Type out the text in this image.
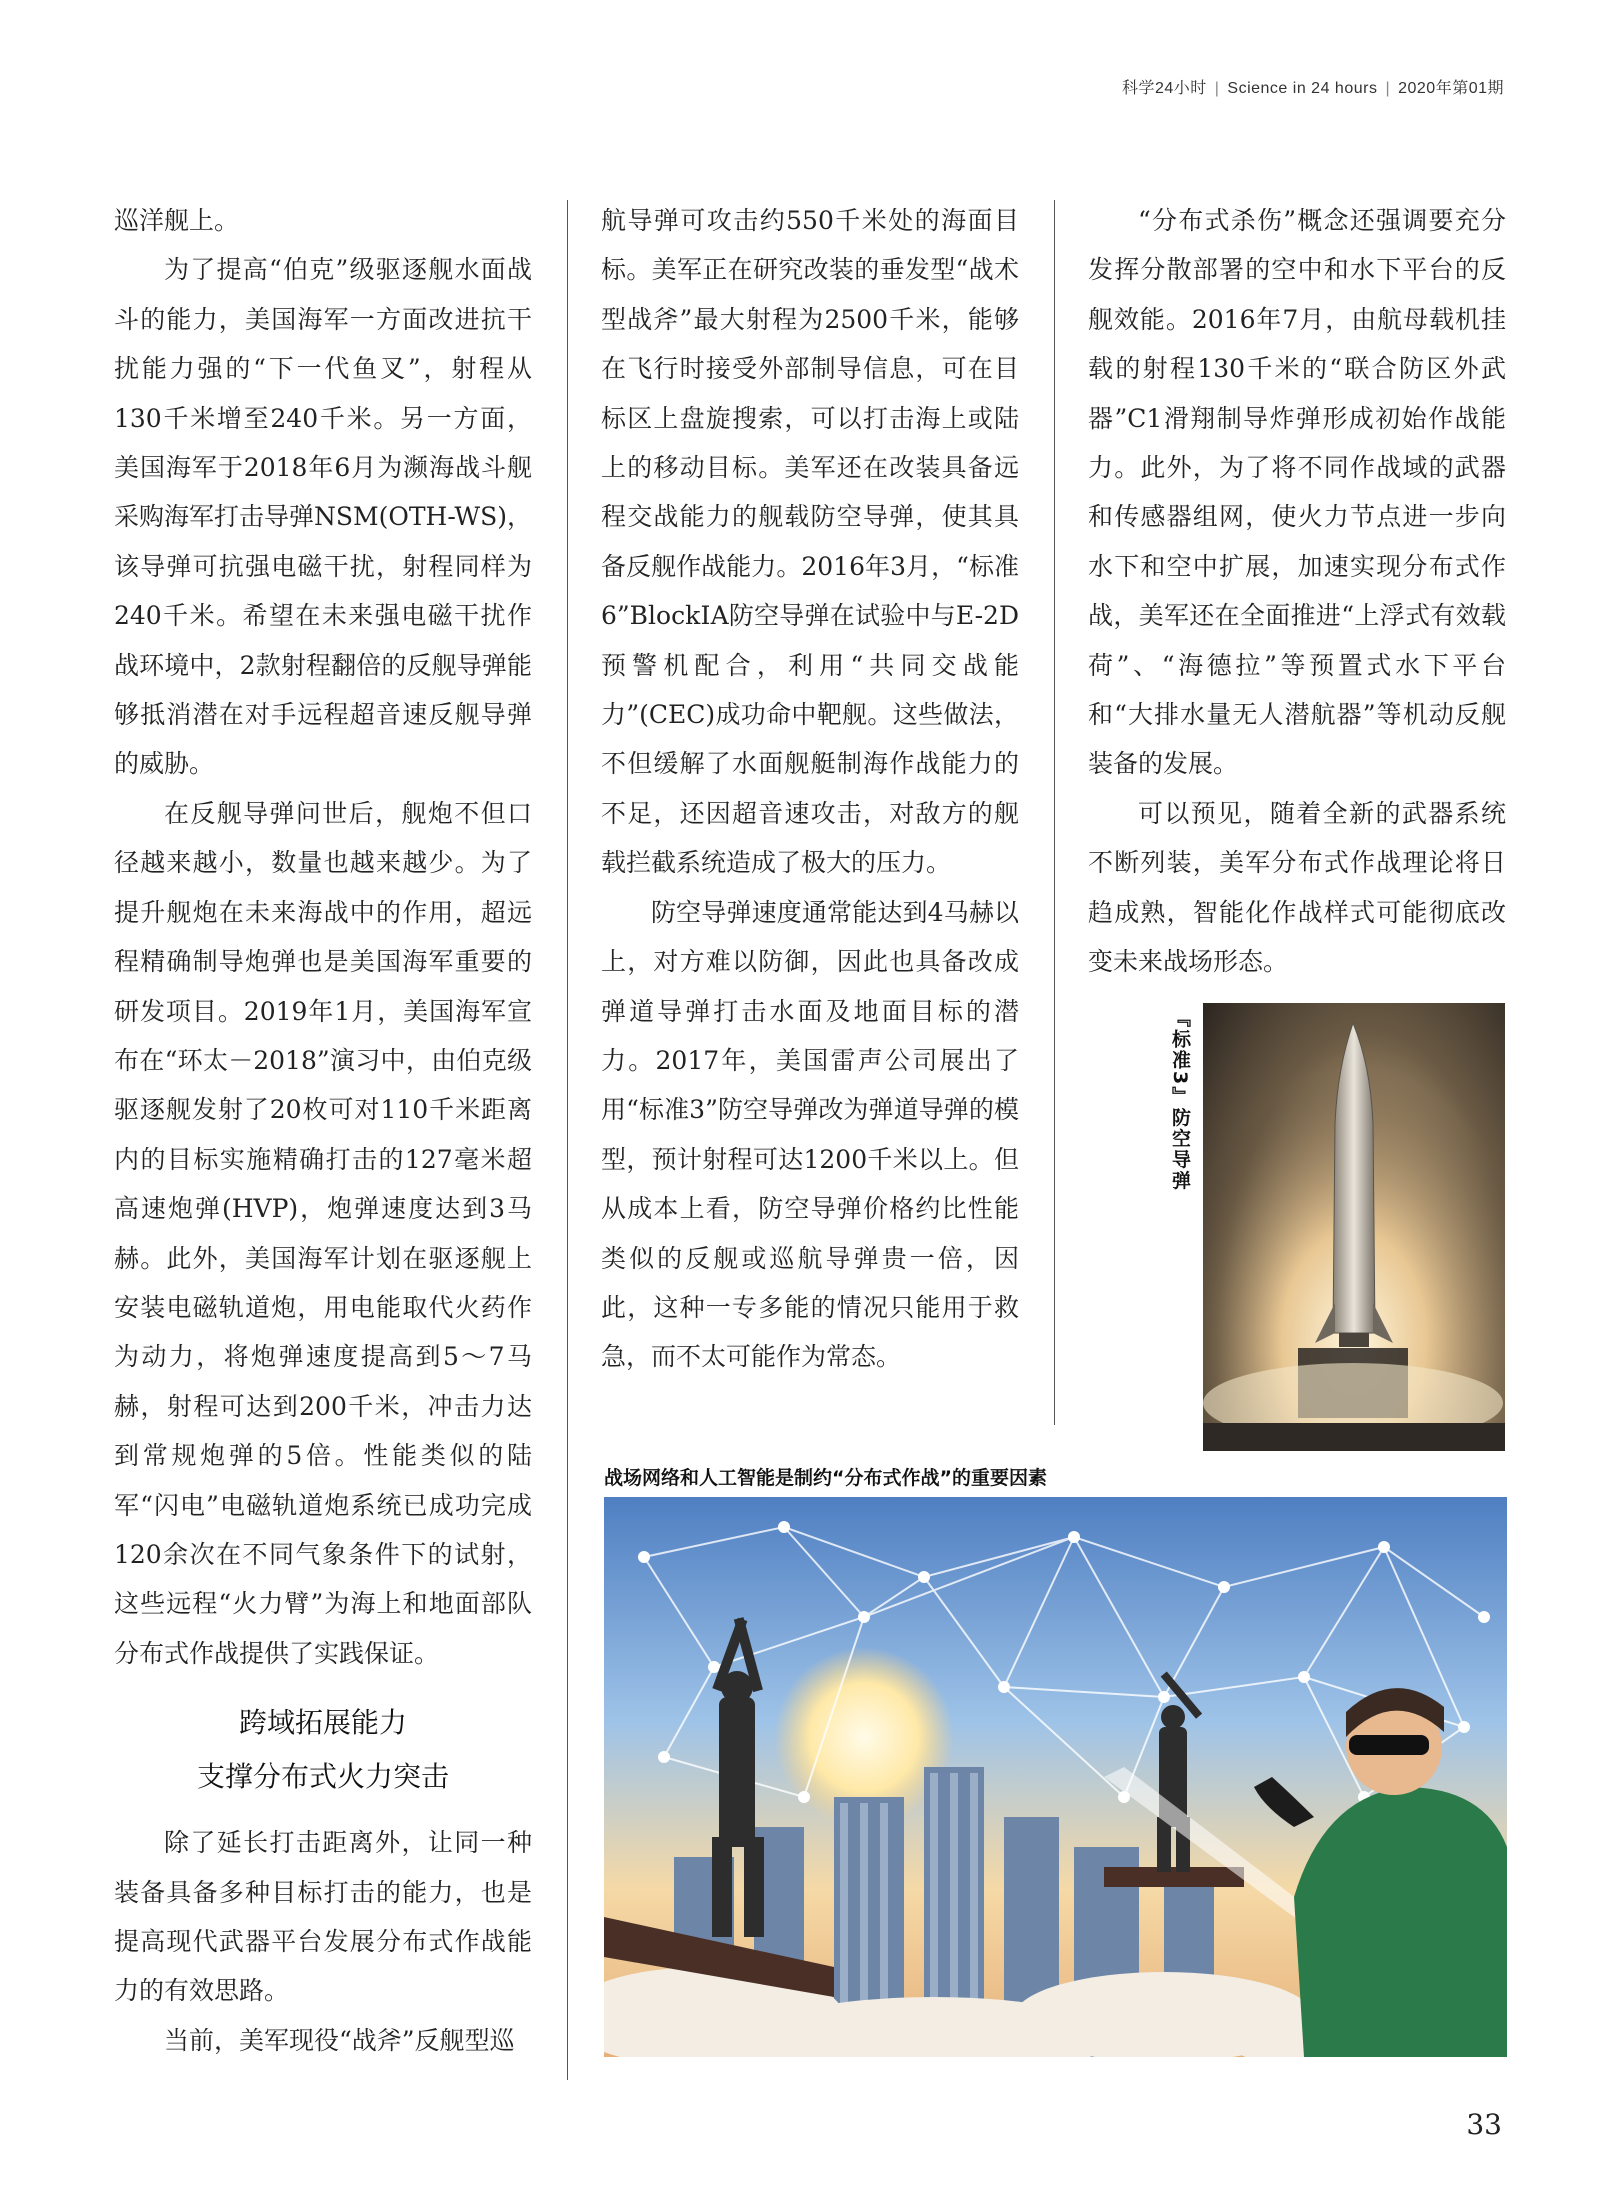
科学24小时 | Science in 24 hours | 2020年第01期

巡洋舰上。

为了提高“伯克”级驱逐舰水面战斗的能力，美国海军一方面改进抗干扰能力强的“下一代鱼叉”，射程从130千米增至240千米。另一方面，美国海军于2018年6月为濒海战斗舰采购海军打击导弹NSM(OTH-WS)，该导弹可抗强电磁干扰，射程同样为240千米。希望在未来强电磁干扰作战环境中，2款射程翻倍的反舰导弹能够抵消潜在对手远程超音速反舰导弹的威胁。

在反舰导弹问世后，舰炮不但口径越来越小，数量也越来越少。为了提升舰炮在未来海战中的作用，超远程精确制导炮弹也是美国海军重要的研发项目。2019年1月，美国海军宣布在“环太－2018”演习中，由伯克级驱逐舰发射了20枚可对110千米距离内的目标实施精确打击的127毫米超高速炮弹(HVP)，炮弹速度达到3马赫。此外，美国海军计划在驱逐舰上安装电磁轨道炮，用电能取代火药作为动力，将炮弹速度提高到5～7马赫，射程可达到200千米，冲击力达到常规炮弹的5倍。性能类似的陆军“闪电”电磁轨道炮系统已成功完成120余次在不同气象条件下的试射，这些远程“火力臂”为海上和地面部队分布式作战提供了实践保证。

跨域拓展能力
支撑分布式火力突击

除了延长打击距离外，让同一种装备具备多种目标打击的能力，也是提高现代武器平台发展分布式作战能力的有效思路。

当前，美军现役“战斧”反舰型巡

航导弹可攻击约550千米处的海面目标。美军正在研究改装的垂发型“战术型战斧”最大射程为2500千米，能够在飞行时接受外部制导信息，可在目标区上盘旋搜索，可以打击海上或陆上的移动目标。美军还在改装具备远程交战能力的舰载防空导弹，使其具备反舰作战能力。2016年3月，“标准6”BlockⅠA防空导弹在试验中与E-2D预警机配合，利用“共同交战能力”(CEC)成功命中靶舰。这些做法，不但缓解了水面舰艇制海作战能力的不足，还因超音速攻击，对敌方的舰载拦截系统造成了极大的压力。

防空导弹速度通常能达到4马赫以上，对方难以防御，因此也具备改成弹道导弹打击水面及地面目标的潜力。2017年，美国雷声公司展出了用“标准3”防空导弹改为弹道导弹的模型，预计射程可达1200千米以上。但从成本上看，防空导弹价格约比性能类似的反舰或巡航导弹贵一倍，因此，这种一专多能的情况只能用于救急，而不太可能作为常态。

“分布式杀伤”概念还强调要充分发挥分散部署的空中和水下平台的反舰效能。2016年7月，由航母载机挂载的射程130千米的“联合防区外武器”C1滑翔制导炸弹形成初始作战能力。此外，为了将不同作战域的武器和传感器组网，使火力节点进一步向水下和空中扩展，加速实现分布式作战，美军还在全面推进“上浮式有效载荷”、“海德拉”等预置式水下平台和“大排水量无人潜航器”等机动反舰装备的发展。

可以预见，随着全新的武器系统不断列装，美军分布式作战理论将日趋成熟，智能化作战样式可能彻底改变未来战场形态。

『标准3』防空导弹
战场网络和人工智能是制约“分布式作战”的重要因素
33
